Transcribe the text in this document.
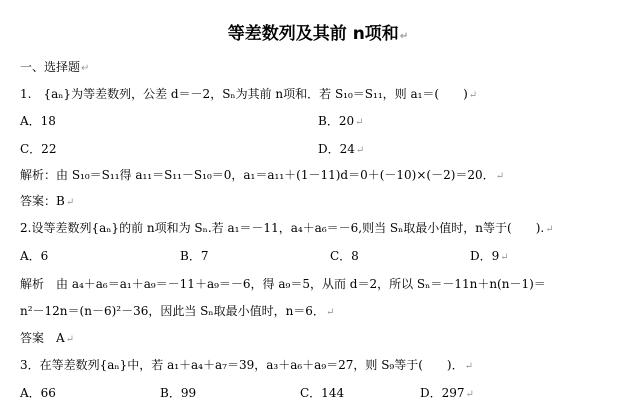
等差数列及其前 n项和↵
一、选择题↵
1.　{aₙ}为等差数列，公差 d＝－2，Sₙ为其前 n项和．若 S₁₀＝S₁₁，则 a₁＝(　　)↵
A．18	B．20↵
C．22	D．24↵
解析：由 S₁₀＝S₁₁得 a₁₁＝S₁₁－S₁₀＝0，a₁＝a₁₁＋(1－11)d＝0＋(－10)×(－2)＝20．↵
答案：B↵
2.设等差数列{aₙ}的前 n项和为 Sₙ.若 a₁＝－11，a₄＋a₆＝－6,则当 Sₙ取最小值时，n等于(　　).↵
A．6	B．7	C．8	D．9↵
解析　由 a₄＋a₆＝a₁＋a₉＝－11＋a₉＝－6，得 a₉＝5，从而 d＝2，所以 Sₙ＝－11n＋n(n－1)＝
n²－12n＝(n－6)²－36，因此当 Sₙ取最小值时，n＝6．↵
答案　A↵
3．在等差数列{aₙ}中，若 a₁＋a₄＋a₇＝39，a₃＋a₆＋a₉＝27，则 S₉等于(　　)．↵
A．66	B．99	C．144	D．297↵
